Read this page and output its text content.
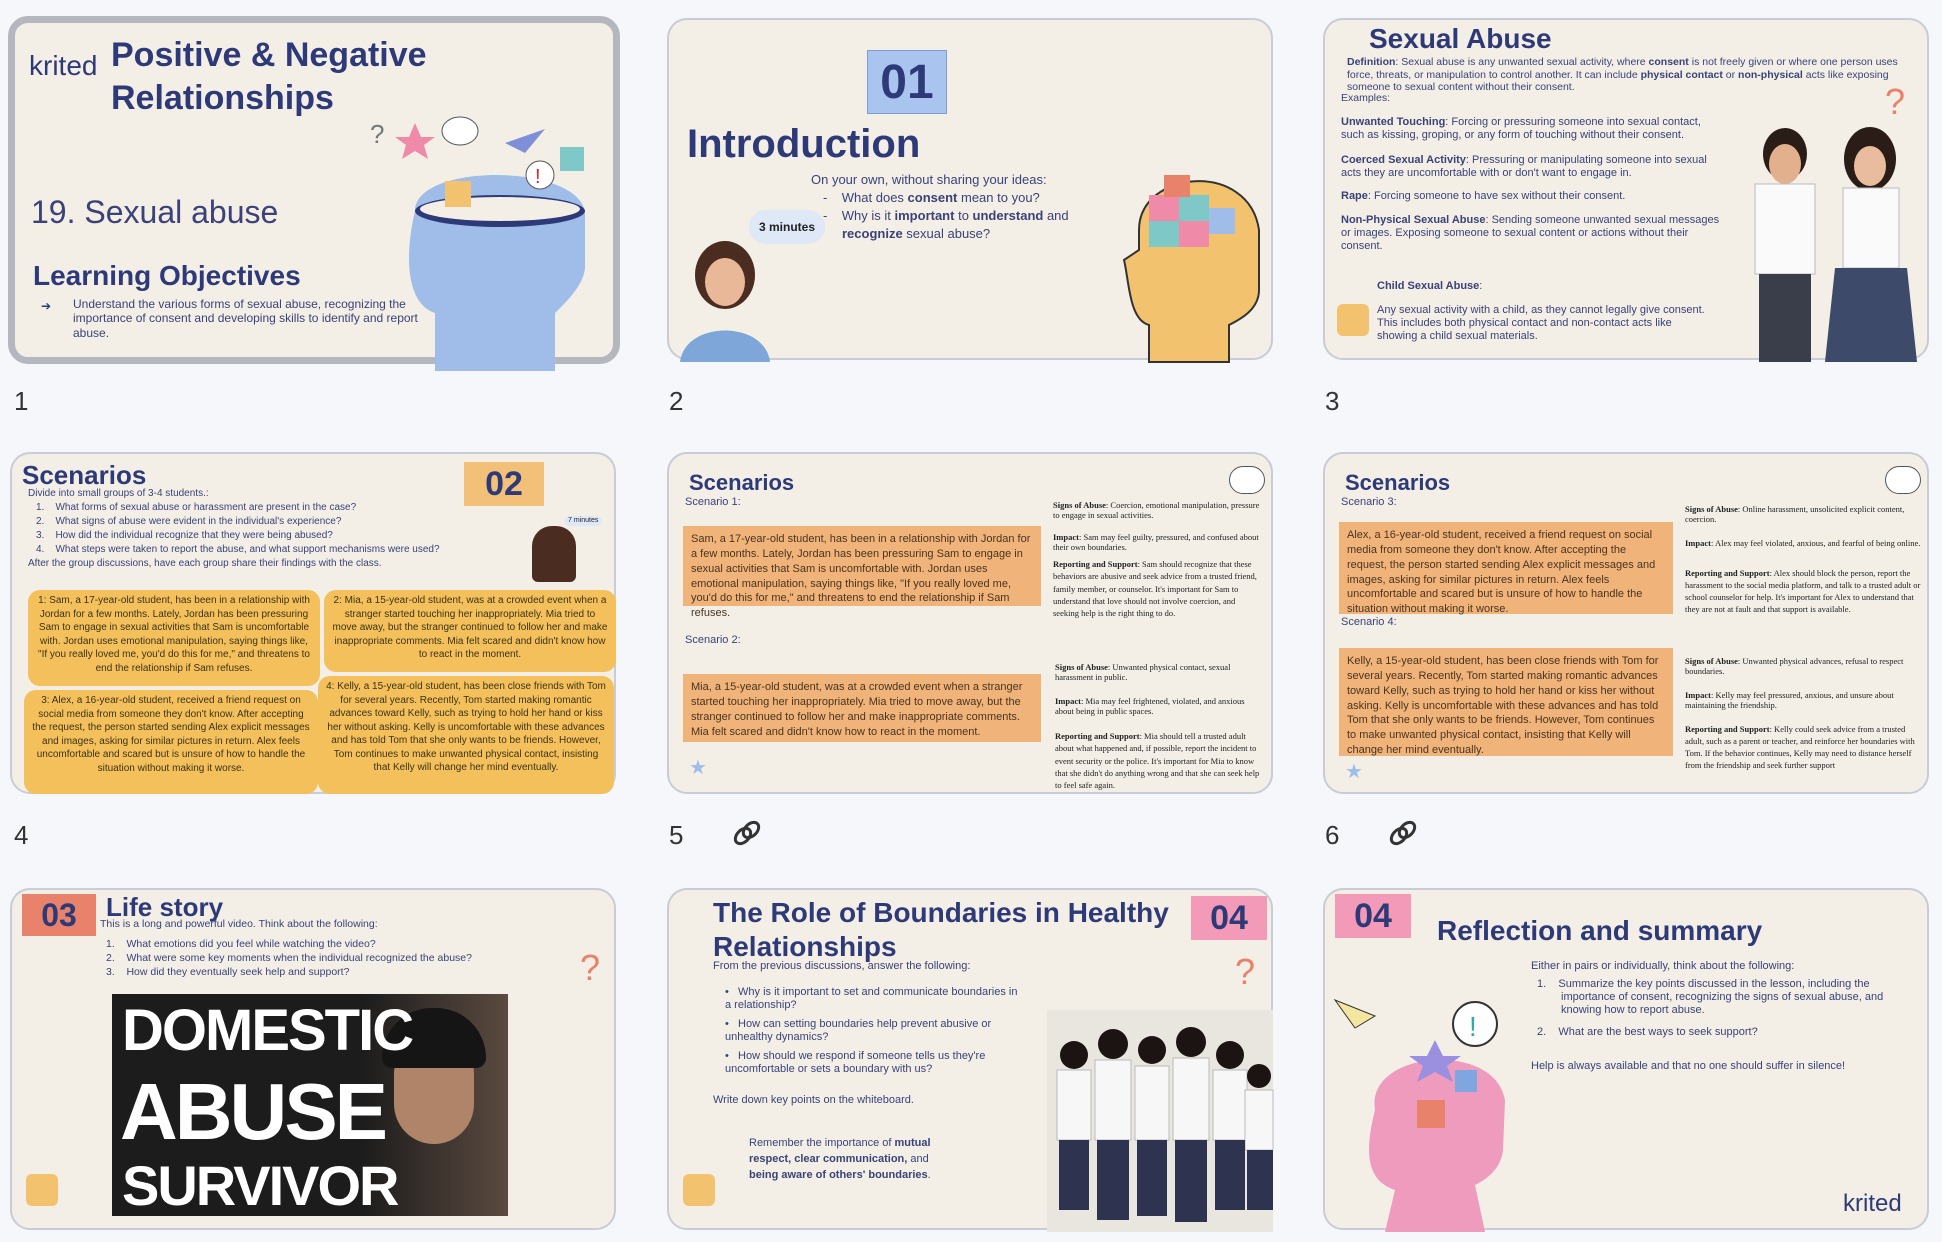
krited Positive & Negative
Relationships
19. Sexual abuse
Learning Objectives
➔ Understand the various forms of sexual abuse, recognizing the importance of consent and developing skills to identify and report abuse.
?
!
1
01
Introduction
On your own, without sharing your ideas:
-    What does consent mean to you?
-    Why is it important to understand and
recognize sexual abuse?
3 minutes
2
Sexual Abuse
Definition: Sexual abuse is any unwanted sexual activity, where consent is not freely given or where one person uses force, threats, or manipulation to control another. It can include physical contact or non-physical acts like exposing someone to sexual content without their consent.
Examples:
Unwanted Touching: Forcing or pressuring someone into sexual contact, such as kissing, groping, or any form of touching without their consent.
Coerced Sexual Activity: Pressuring or manipulating someone into sexual acts they are uncomfortable with or don't want to engage in.
Rape: Forcing someone to have sex without their consent.
Non-Physical Sexual Abuse: Sending someone unwanted sexual messages or images. Exposing someone to sexual content or actions without their consent.
Child Sexual Abuse:
Any sexual activity with a child, as they cannot legally give consent. This includes both physical contact and non-contact acts like showing a child sexual materials.
?
3
Scenarios	02
Divide into small groups of 3-4 students.:
1.    What forms of sexual abuse or harassment are present in the case?
2.    What signs of abuse were evident in the individual's experience?
3.    How did the individual recognize that they were being abused?
4.    What steps were taken to report the abuse, and what support mechanisms were used?
After the group discussions, have each group share their findings with the class.
7 minutes
1: Sam, a 17-year-old student, has been in a relationship with Jordan for a few months. Lately, Jordan has been pressuring Sam to engage in sexual activities that Sam is uncomfortable with. Jordan uses emotional manipulation, saying things like, "If you really loved me, you'd do this for me," and threatens to end the relationship if Sam refuses.
2: Mia, a 15-year-old student, was at a crowded event when a stranger started touching her inappropriately. Mia tried to move away, but the stranger continued to follow her and make inappropriate comments. Mia felt scared and didn't know how to react in the moment.
3: Alex, a 16-year-old student, received a friend request on social media from someone they don't know. After accepting the request, the person started sending Alex explicit messages and images, asking for similar pictures in return. Alex feels uncomfortable and scared but is unsure of how to handle the situation without making it worse.
4: Kelly, a 15-year-old student, has been close friends with Tom for several years. Recently, Tom started making romantic advances toward Kelly, such as trying to hold her hand or kiss her without asking. Kelly is uncomfortable with these advances and has told Tom that she only wants to be friends. However, Tom continues to make unwanted physical contact, insisting that Kelly will change her mind eventually.
4
Scenarios
Scenario 1:
Sam, a 17-year-old student, has been in a relationship with Jordan for a few months. Lately, Jordan has been pressuring Sam to engage in sexual activities that Sam is uncomfortable with. Jordan uses emotional manipulation, saying things like, "If you really loved me, you'd do this for me," and threatens to end the relationship if Sam refuses.
Scenario 2:
Mia, a 15-year-old student, was at a crowded event when a stranger started touching her inappropriately. Mia tried to move away, but the stranger continued to follow her and make inappropriate comments. Mia felt scared and didn't know how to react in the moment.
★
Signs of Abuse: Coercion, emotional manipulation, pressure to engage in sexual activities.
Impact: Sam may feel guilty, pressured, and confused about their own boundaries.
Reporting and Support: Sam should recognize that these behaviors are abusive and seek advice from a trusted friend, family member, or counselor. It's important for Sam to understand that love should not involve coercion, and seeking help is the right thing to do.
Signs of Abuse: Unwanted physical contact, sexual harassment in public.
Impact: Mia may feel frightened, violated, and anxious about being in public spaces.
Reporting and Support: Mia should tell a trusted adult about what happened and, if possible, report the incident to event security or the police. It's important for Mia to know that she didn't do anything wrong and that she can seek help to feel safe again.
5
Scenarios
Scenario 3:
Alex, a 16-year-old student, received a friend request on social media from someone they don't know. After accepting the request, the person started sending Alex explicit messages and images, asking for similar pictures in return. Alex feels uncomfortable and scared but is unsure of how to handle the situation without making it worse.
Scenario 4:
Kelly, a 15-year-old student, has been close friends with Tom for several years. Recently, Tom started making romantic advances toward Kelly, such as trying to hold her hand or kiss her without asking. Kelly is uncomfortable with these advances and has told Tom that she only wants to be friends. However, Tom continues to make unwanted physical contact, insisting that Kelly will change her mind eventually.
★
Signs of Abuse: Online harassment, unsolicited explicit content, coercion.
Impact: Alex may feel violated, anxious, and fearful of being online.
Reporting and Support: Alex should block the person, report the harassment to the social media platform, and talk to a trusted adult or school counselor for help. It's important for Alex to understand that they are not at fault and that support is available.
Signs of Abuse: Unwanted physical advances, refusal to respect boundaries.
Impact: Kelly may feel pressured, anxious, and unsure about maintaining the friendship.
Reporting and Support: Kelly could seek advice from a trusted adult, such as a parent or teacher, and reinforce her boundaries with Tom. If the behavior continues, Kelly may need to distance herself from the friendship and seek further support
6
03	Life story
This is a long and powerful video. Think about the following:
1.    What emotions did you feel while watching the video?
2.    What were some key moments when the individual recognized the abuse?
3.    How did they eventually seek help and support?	?
DOMESTIC
ABUSE
SURVIVOR
The Role of Boundaries in Healthy
Relationships
04
From the previous discussions, answer the following:
•   Why is it important to set and communicate boundaries in a relationship?
•   How can setting boundaries help prevent abusive or unhealthy dynamics?
•   How should we respond if someone tells us they're uncomfortable or sets a boundary with us?
Write down key points on the whiteboard.
Remember the importance of mutual respect, clear communication, and being aware of others' boundaries.
?
04	Reflection and summary
Either in pairs or individually, think about the following:
1.    Summarize the key points discussed in the lesson, including the importance of consent, recognizing the signs of sexual abuse, and knowing how to report abuse.
2.    What are the best ways to seek support?
Help is always available and that no one should suffer in silence!
krited
!
